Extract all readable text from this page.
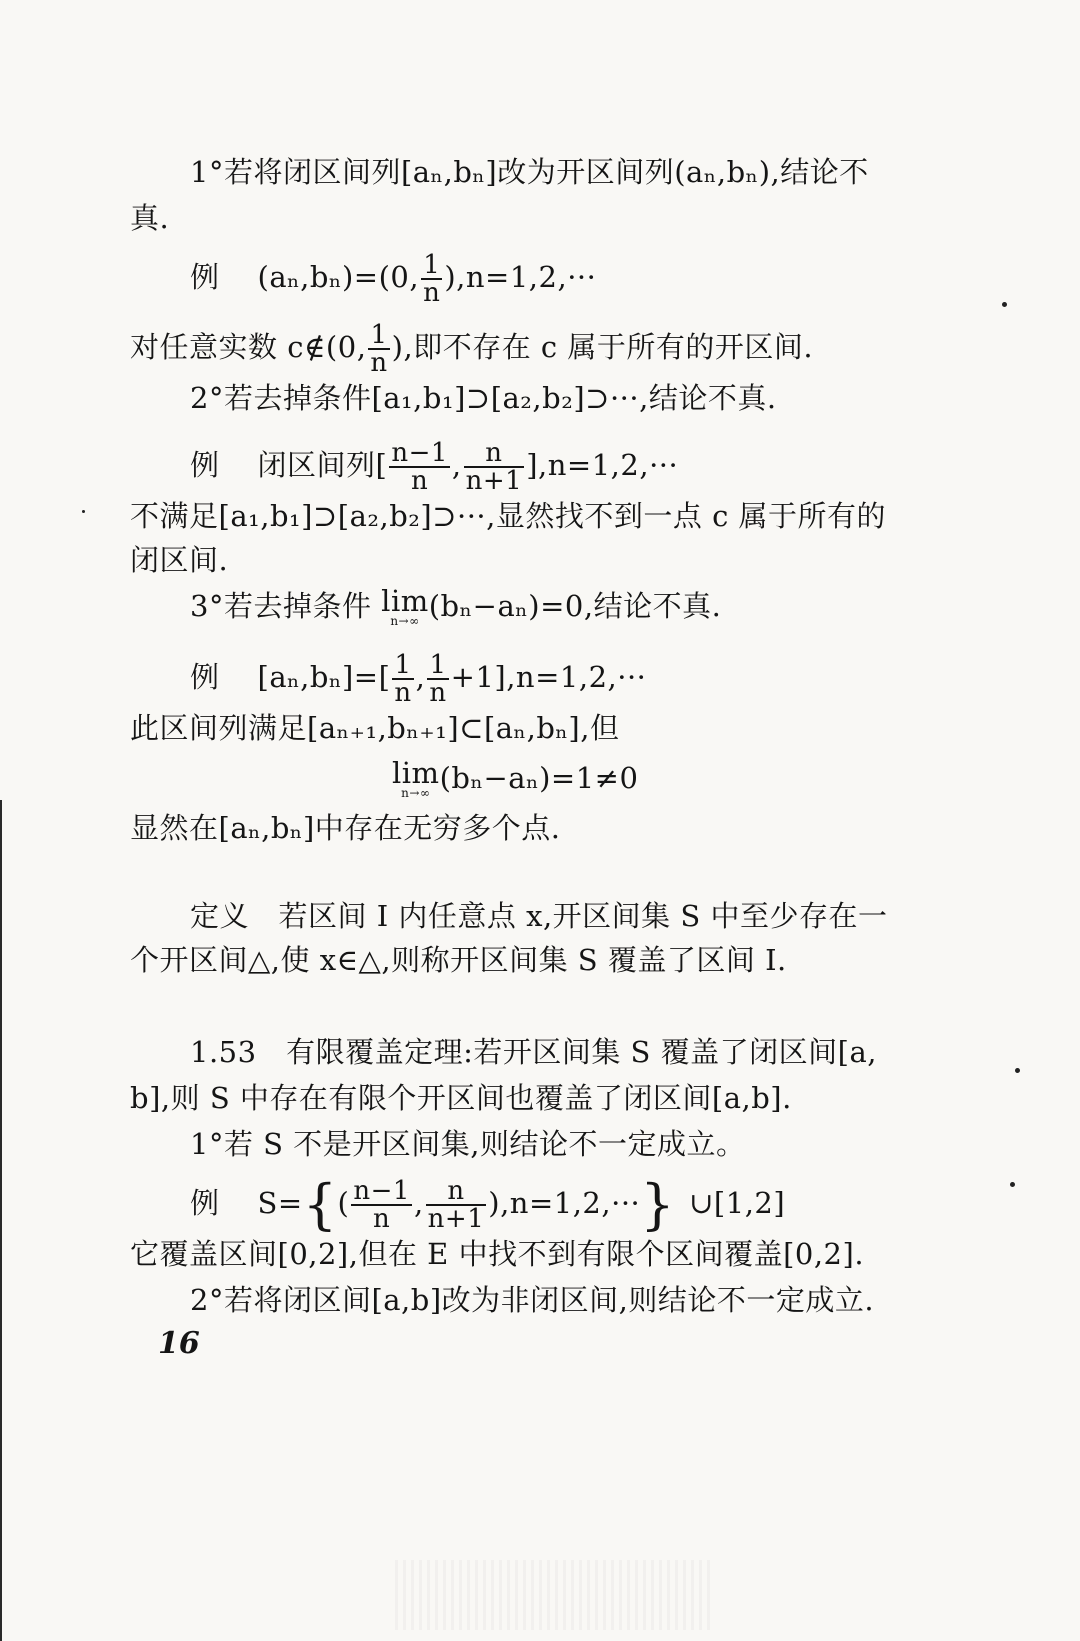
1°若将闭区间列[aₙ,bₙ]改为开区间列(aₙ,bₙ),结论不
真.
例 (aₙ,bₙ)=(0, $\frac{1}{n} ),n=1,2,\cdot\cdot\cdot$
对任意实数 c∉(0, $\frac{1}{n}$ ),即不存在 c 属于所有的开区间.
2°若去掉条件[a₁,b₁]⊃[a₂,b₂]⊃···,结论不真.
例 闭区间列[ $\frac{n-1}{n}$ , $\frac{n}{n+1} ],n=1,2,\cdot\cdot\cdot$
不满足[a₁,b₁]⊃[a₂,b₂]⊃···,显然找不到一点 c 属于所有的
闭区间.
3°若去掉条件 lim
n→∞ (bₙ−aₙ)=0,结论不真.
例 $[a_n,b_n]=[ \frac{1}{n}$ , $\frac{1}{n} +1],n=1,2,\cdot\cdot\cdot$
此区间列满足[aₙ₊₁,bₙ₊₁]⊂[aₙ,bₙ],但
lim
n→∞ (bₙ−aₙ)=1≠0
显然在[aₙ,bₙ]中存在无穷多个点.
定义　若区间 I 内任意点 x,开区间集 S 中至少存在一
个开区间△,使 x∈△,则称开区间集 S 覆盖了区间 I.
1.53　有限覆盖定理:若开区间集 S 覆盖了闭区间[a,
b],则 S 中存在有限个开区间也覆盖了闭区间[a,b].
1°若 S 不是开区间集,则结论不一定成立。
例 $S=\{( \frac{n-1}{n}$ , $\frac{n}{n+1} ),n=1,2,\cdot\cdot\cdot$} ∪[1,2]
它覆盖区间[0,2],但在 E 中找不到有限个区间覆盖[0,2].
2°若将闭区间[a,b]改为非闭区间,则结论不一定成立.
16
